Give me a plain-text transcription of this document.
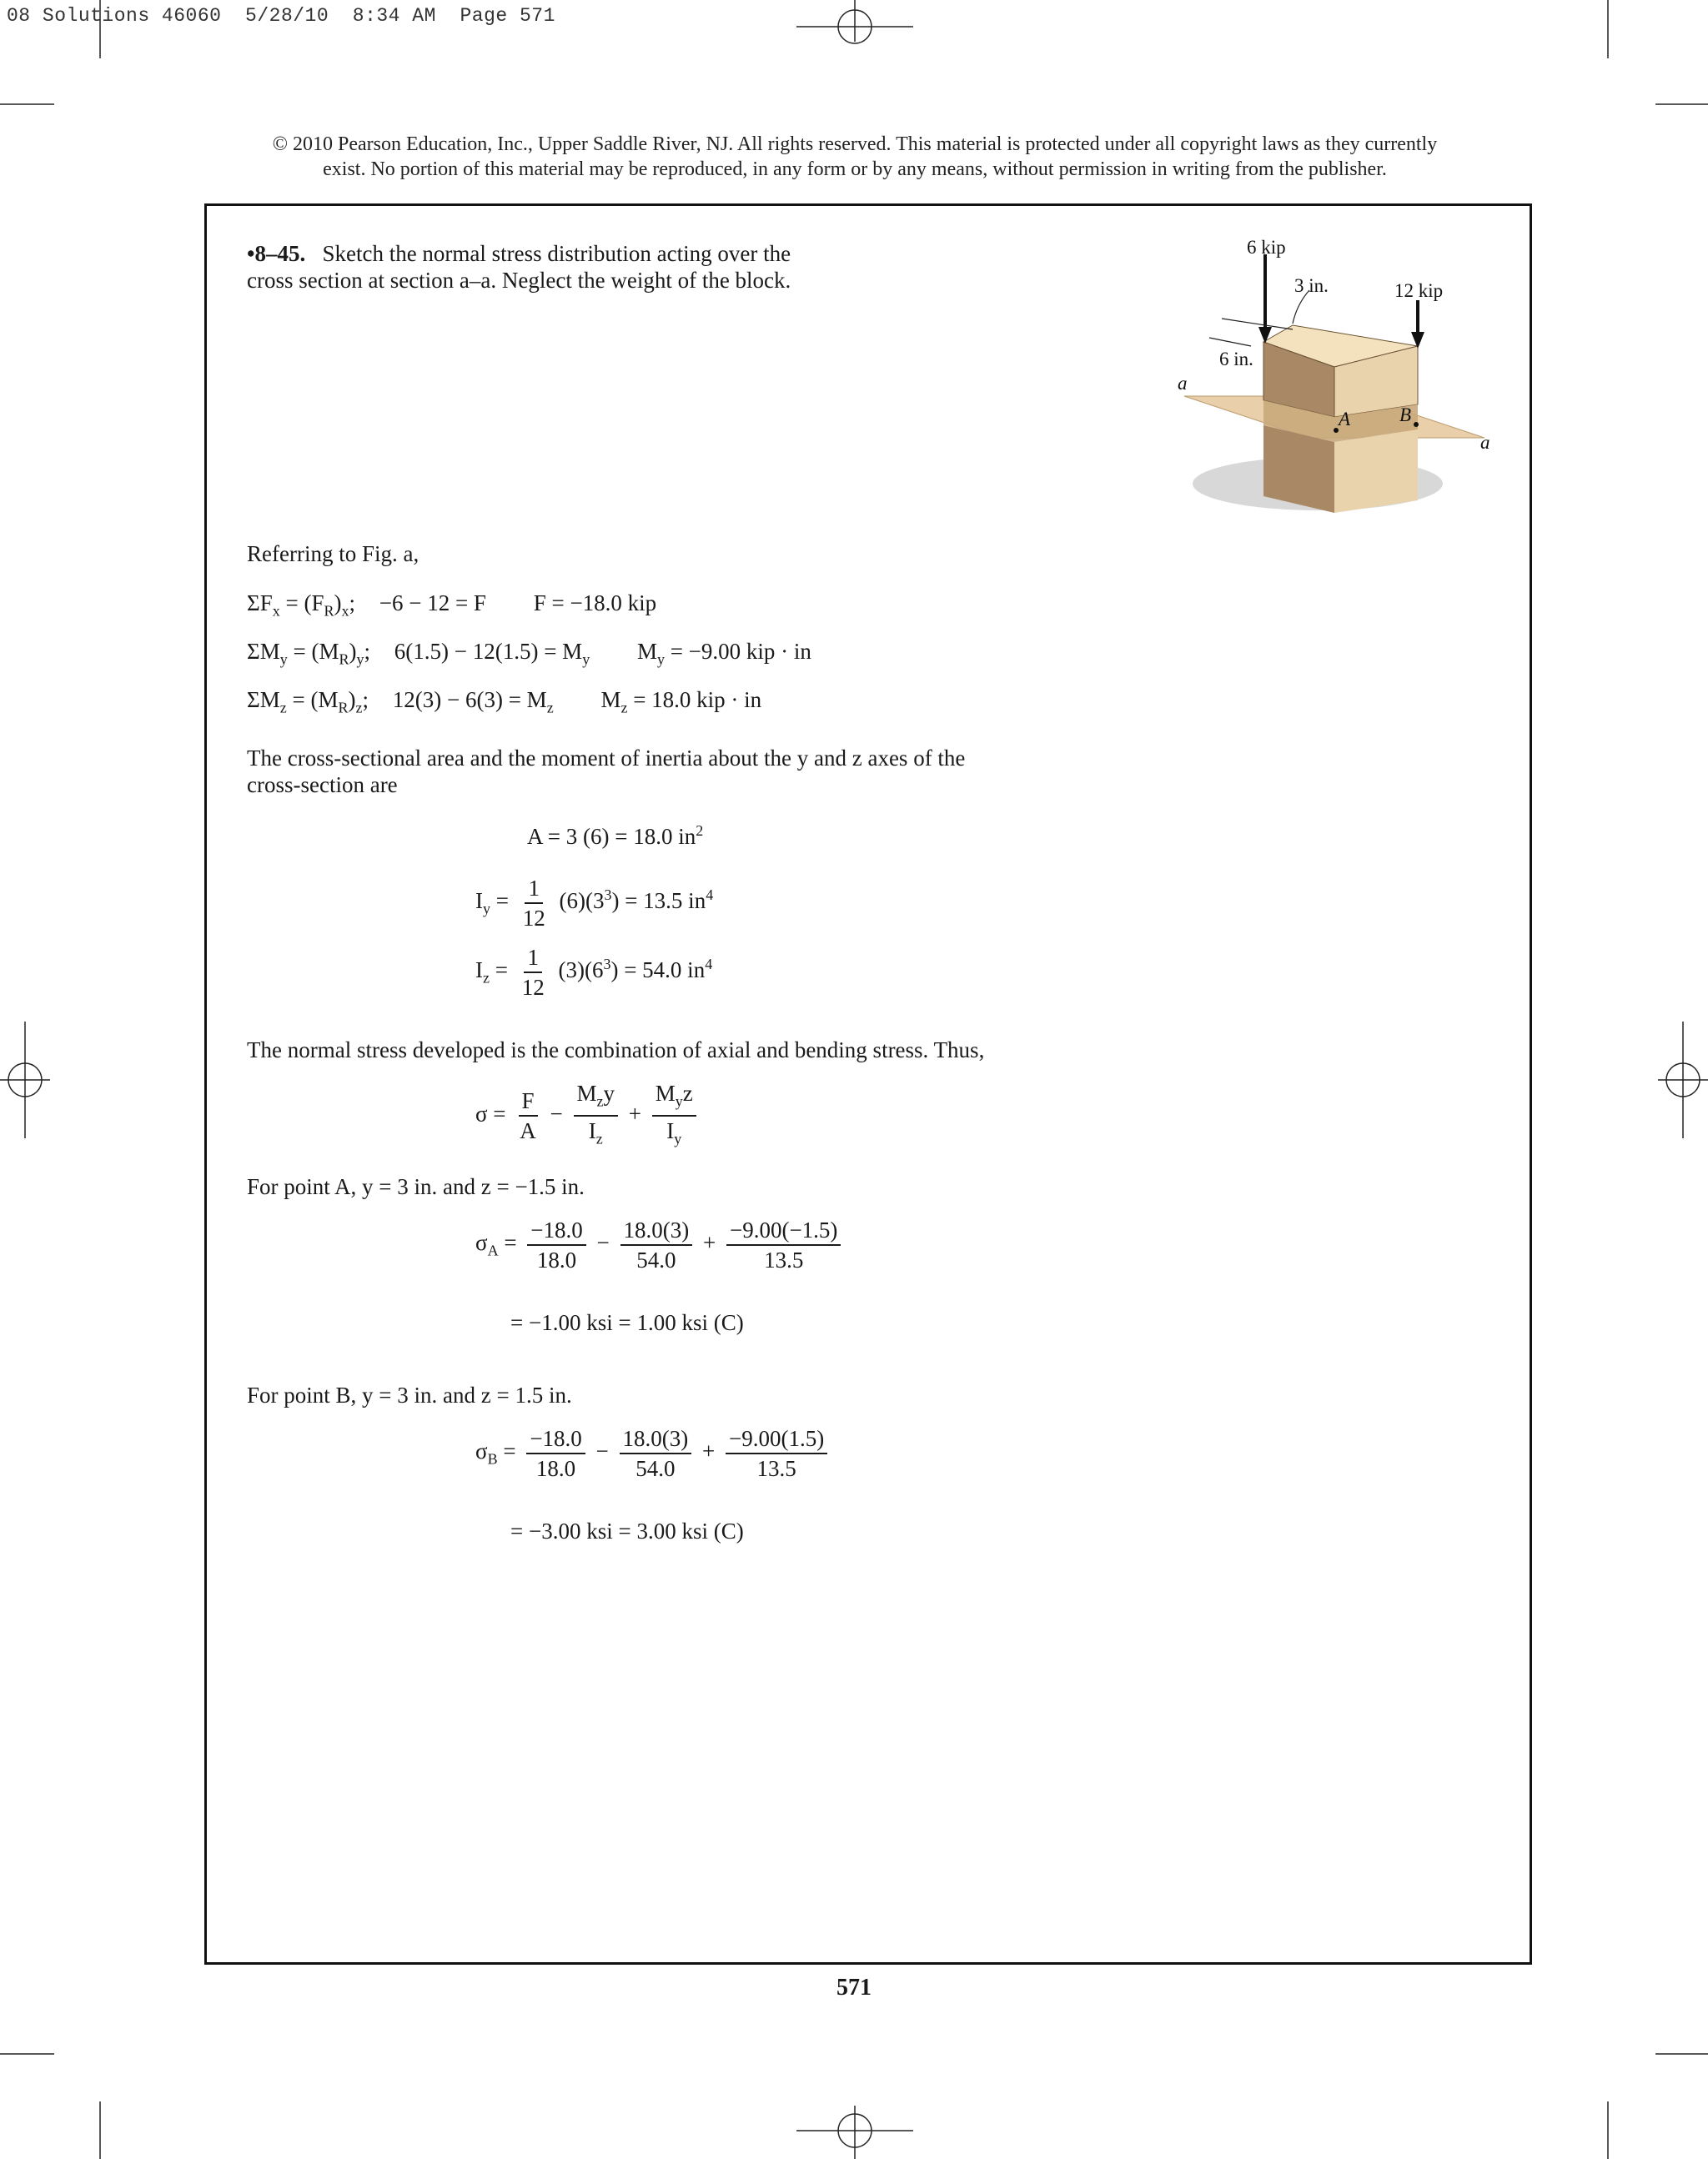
08 Solutions 46060  5/28/10  8:34 AM  Page 571
© 2010 Pearson Education, Inc., Upper Saddle River, NJ. All rights reserved. This material is protected under all copyright laws as they currently
exist. No portion of this material may be reproduced, in any form or by any means, without permission in writing from the publisher.
•8–45. Sketch the normal stress distribution acting over the
cross section at section a–a. Neglect the weight of the block.
6 kip
12 kip
3 in.
6 in.
a
a
A	B
Referring to Fig. a,
$\Sigma F_x = (F_R)_x$; −6 − 12 = F F = −18.0 kip
$\Sigma M_y = (M_R)_y$; $6(1.5) - 12(1.5) = M_y$ $M_y = -9.00$ kip · in
$\Sigma M_z = (M_R)_z$; $12(3) - 6(3) = M_z$ $M_z = 18.0$ kip · in
The cross-sectional area and the moment of inertia about the y and z axes of the
cross-section are
A = 3 (6) = 18.0 $in^2$
$I_y = \frac{1}{12} (6)(3^3) = 13.5$ $in^4$
$I_z = \frac{1}{12} (3)(6^3) = 54.0$ $in^4$
The normal stress developed is the combination of axial and bending stress. Thus,
$\sigma = \frac{F}{A} - \frac{M_zy}{I_z} + \frac{M_yz}{I_y}$
For point A, y = 3 in. and z = −1.5 in.
$\sigma_A = \frac{-18.0}{18.0} - \frac{18.0(3)}{54.0} + \frac{-9.00(-1.5)}{13.5}$
= −1.00 ksi = 1.00 ksi (C)
For point B, y = 3 in. and z = 1.5 in.
$\sigma_B = \frac{-18.0}{18.0} - \frac{18.0(3)}{54.0} + \frac{-9.00(1.5)}{13.5}$
= −3.00 ksi = 3.00 ksi (C)
571
